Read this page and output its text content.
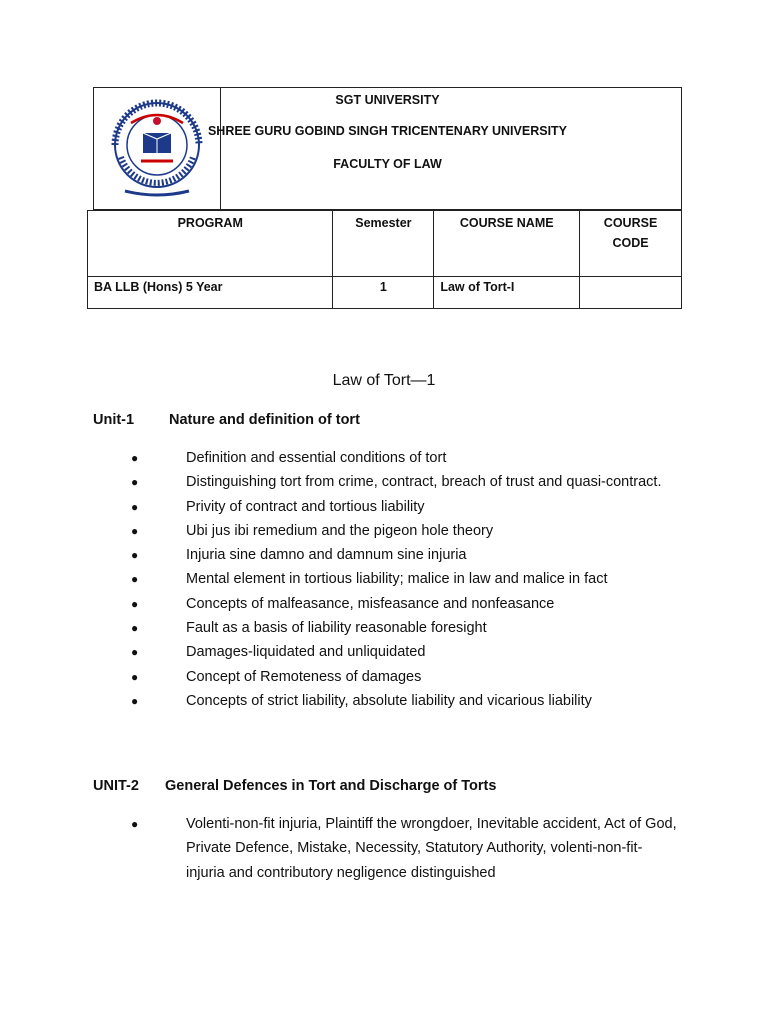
SGT UNIVERSITY
SHREE GURU GOBIND SINGH TRICENTENARY UNIVERSITY
FACULTY OF LAW
PROGRAM	Semester	COURSE NAME	COURSE CODE
BA LLB (Hons) 5 Year	1	Law of Tort-I	
Law of Tort—1
Unit-1	Nature and definition of tort
●	Definition and essential conditions of tort
●	Distinguishing tort from crime, contract, breach of trust and quasi-contract.
●	Privity of contract and tortious liability
●	Ubi jus ibi remedium and the pigeon hole theory
●	Injuria sine damno and damnum sine injuria
●	Mental element in tortious liability; malice in law and malice in fact
●	Concepts of malfeasance, misfeasance and nonfeasance
●	Fault as a basis of liability reasonable foresight
●	Damages-liquidated and unliquidated
●	Concept of Remoteness of damages
●	Concepts of strict liability, absolute liability and vicarious liability
UNIT-2	General Defences in Tort and Discharge of Torts
●	Volenti-non-fit injuria, Plaintiff the wrongdoer, Inevitable accident, Act of God, Private Defence, Mistake, Necessity, Statutory Authority, volenti-non-fit-injuria and contributory negligence distinguished
